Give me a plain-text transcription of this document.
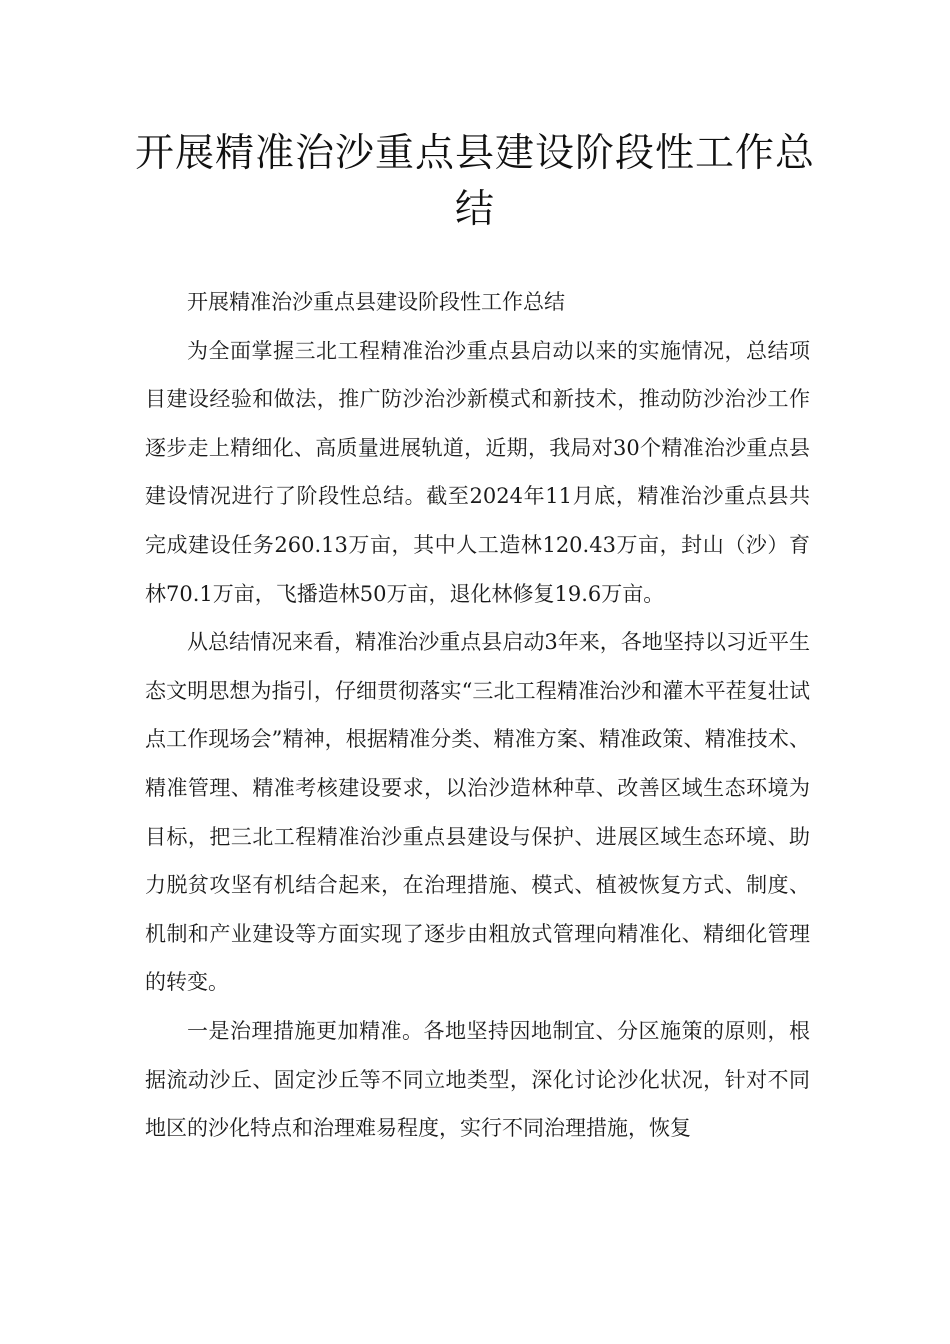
开展精准治沙重点县建设阶段性工作总
结

开展精准治沙重点县建设阶段性工作总结

为全面掌握三北工程精准治沙重点县启动以来的实施情况，总结项目建设经验和做法，推广防沙治沙新模式和新技术，推动防沙治沙工作逐步走上精细化、高质量进展轨道，近期，我局对30个精准治沙重点县建设情况进行了阶段性总结。截至2024年11月底，精准治沙重点县共完成建设任务260.13万亩，其中人工造林120.43万亩，封山（沙）育林70.1万亩，飞播造林50万亩，退化林修复19.6万亩。

从总结情况来看，精准治沙重点县启动3年来，各地坚持以习近平生态文明思想为指引，仔细贯彻落实“三北工程精准治沙和灌木平茬复壮试点工作现场会”精神，根据精准分类、精准方案、精准政策、精准技术、精准管理、精准考核建设要求，以治沙造林种草、改善区域生态环境为目标，把三北工程精准治沙重点县建设与保护、进展区域生态环境、助力脱贫攻坚有机结合起来，在治理措施、模式、植被恢复方式、制度、机制和产业建设等方面实现了逐步由粗放式管理向精准化、精细化管理的转变。

一是治理措施更加精准。各地坚持因地制宜、分区施策的原则，根据流动沙丘、固定沙丘等不同立地类型，深化讨论沙化状况，针对不同地区的沙化特点和治理难易程度，实行不同治理措施，恢复
